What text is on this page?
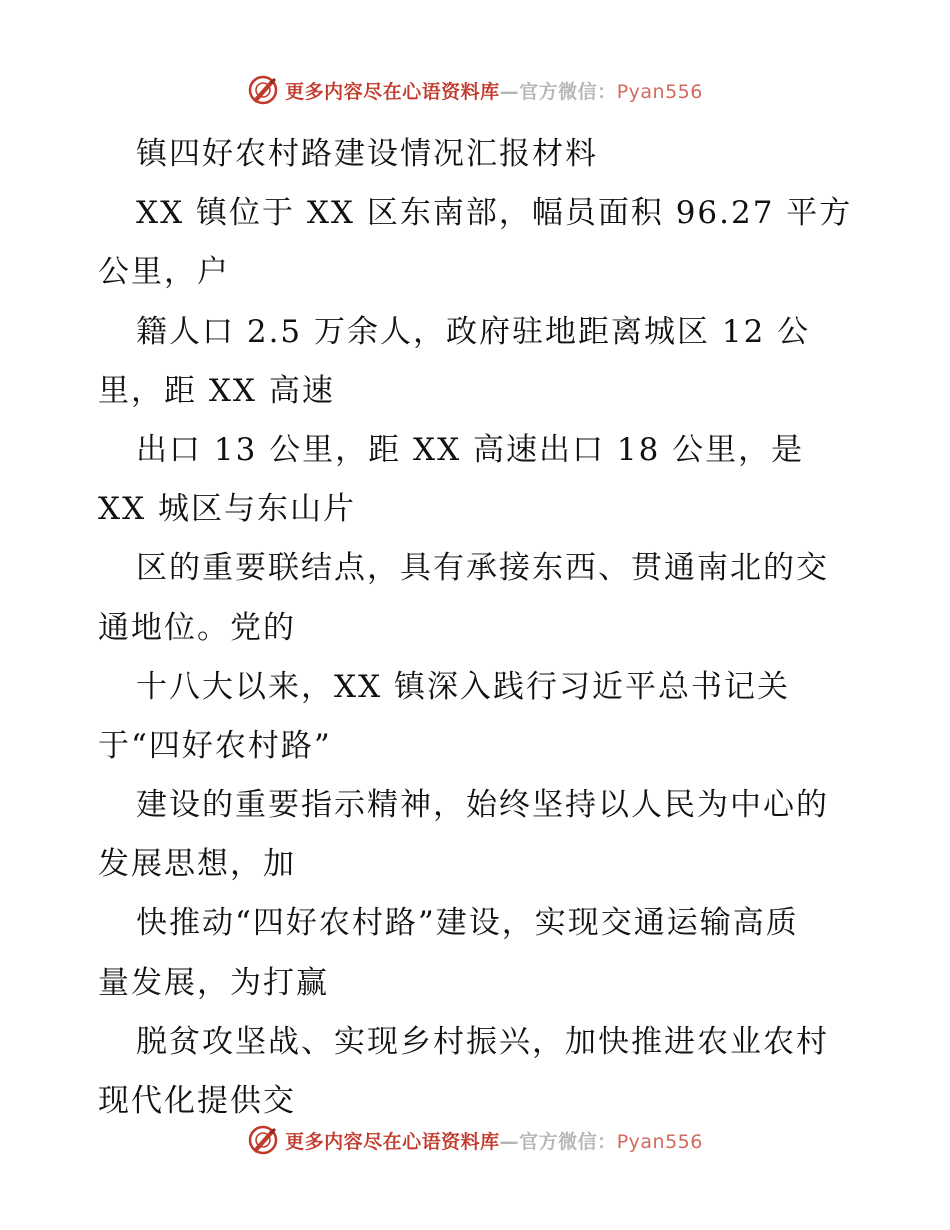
更多内容尽在心语资料库—官方微信：Pyan556
镇四好农村路建设情况汇报材料
XX 镇位于 XX 区东南部，幅员面积 96.27 平方
公里，户
籍人口 2.5 万余人，政府驻地距离城区 12 公
里，距 XX 高速
出口 13 公里，距 XX 高速出口 18 公里，是
XX 城区与东山片
区的重要联结点，具有承接东西、贯通南北的交
通地位。党的
十八大以来，XX 镇深入践行习近平总书记关
于“四好农村路”
建设的重要指示精神，始终坚持以人民为中心的
发展思想，加
快推动“四好农村路”建设，实现交通运输高质
量发展，为打赢
脱贫攻坚战、实现乡村振兴，加快推进农业农村
现代化提供交
更多内容尽在心语资料库—官方微信：Pyan556
